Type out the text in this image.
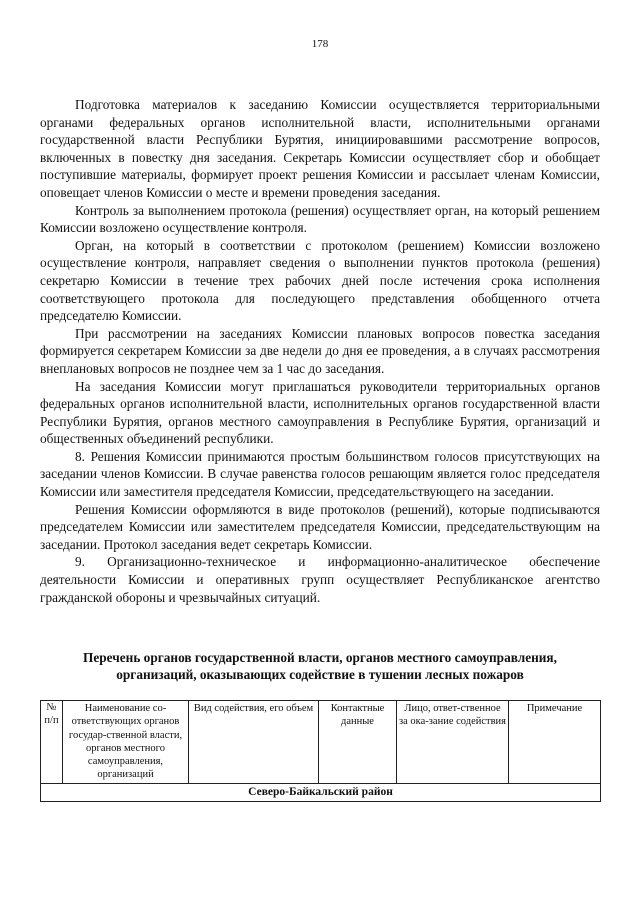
178

Подготовка материалов к заседанию Комиссии осуществляется территориальными органами федеральных органов исполнительной власти, исполнительными органами государственной власти Республики Бурятия, инициировавшими рассмотрение вопросов, включенных в повестку дня заседания. Секретарь Комиссии осуществляет сбор и обобщает поступившие материалы, формирует проект решения Комиссии и рассылает членам Комиссии, оповещает членов Комиссии о месте и времени проведения заседания.

Контроль за выполнением протокола (решения) осуществляет орган, на который решением Комиссии возложено осуществление контроля.

Орган, на который в соответствии с протоколом (решением) Комиссии возложено осуществление контроля, направляет сведения о выполнении пунктов протокола (решения) секретарю Комиссии в течение трех рабочих дней после истечения срока исполнения соответствующего протокола для последующего представления обобщенного отчета председателю Комиссии.

При рассмотрении на заседаниях Комиссии плановых вопросов повестка заседания формируется секретарем Комиссии за две недели до дня ее проведения, а в случаях рассмотрения внеплановых вопросов не позднее чем за 1 час до заседания.

На заседания Комиссии могут приглашаться руководители территориальных органов федеральных органов исполнительной власти, исполнительных органов государственной власти Республики Бурятия, органов местного самоуправления в Республике Бурятия, организаций и общественных объединений республики.

8. Решения Комиссии принимаются простым большинством голосов присутствующих на заседании членов Комиссии. В случае равенства голосов решающим является голос председателя Комиссии или заместителя председателя Комиссии, председательствующего на заседании.

Решения Комиссии оформляются в виде протоколов (решений), которые подписываются председателем Комиссии или заместителем председателя Комиссии, председательствующим на заседании. Протокол заседания ведет секретарь Комиссии.

9. Организационно-техническое и информационно-аналитическое обеспечение деятельности Комиссии и оперативных групп осуществляет Республиканское агентство гражданской обороны и чрезвычайных ситуаций.

Перечень органов государственной власти, органов местного самоуправления,
организаций, оказывающих содействие в тушении лесных пожаров
№ п/п	Наименование со-ответствующих органов государ-ственной власти, органов местного самоуправления, организаций	Вид содействия, его объем	Контактные данные	Лицо, ответ-ственное за ока-зание содействия	Примечание
Северо-Байкальский район
